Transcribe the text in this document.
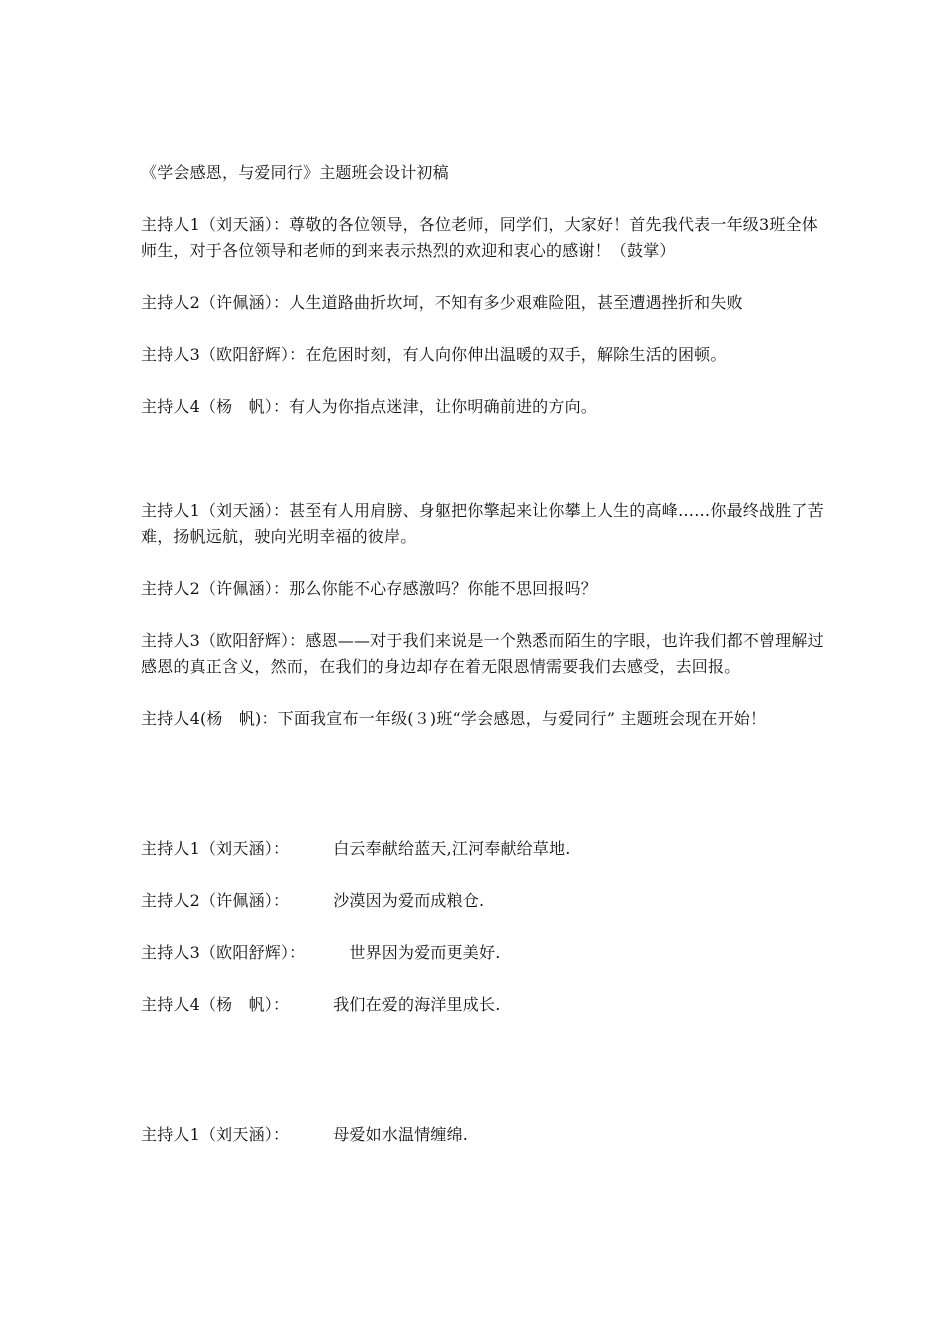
《学会感恩，与爱同行》主题班会设计初稿

主持人1（刘天涵）：尊敬的各位领导，各位老师，同学们，大家好！首先我代表一年级3班全体师生，对于各位领导和老师的到来表示热烈的欢迎和衷心的感谢！（鼓掌）

主持人2（许佩涵）：人生道路曲折坎坷，不知有多少艰难险阻，甚至遭遇挫折和失败

主持人3（欧阳舒辉）：在危困时刻，有人向你伸出温暖的双手，解除生活的困顿。

主持人4（杨　帆）：有人为你指点迷津，让你明确前进的方向。

主持人1（刘天涵）：甚至有人用肩膀、身躯把你擎起来让你攀上人生的高峰……你最终战胜了苦难，扬帆远航，驶向光明幸福的彼岸。

主持人2（许佩涵）：那么你能不心存感激吗？你能不思回报吗？

主持人3（欧阳舒辉）：感恩——对于我们来说是一个熟悉而陌生的字眼，也许我们都不曾理解过感恩的真正含义，然而，在我们的身边却存在着无限恩情需要我们去感受，去回报。

主持人4(杨　帆)：下面我宣布一年级(３)班“学会感恩，与爱同行” 主题班会现在开始！

主持人1（刘天涵）：	白云奉献给蓝天,江河奉献给草地.

主持人2（许佩涵）：	沙漠因为爱而成粮仓.

主持人3（欧阳舒辉）：	世界因为爱而更美好.

主持人4（杨　帆）：	我们在爱的海洋里成长.

主持人1（刘天涵）：	母爱如水温情缠绵.
